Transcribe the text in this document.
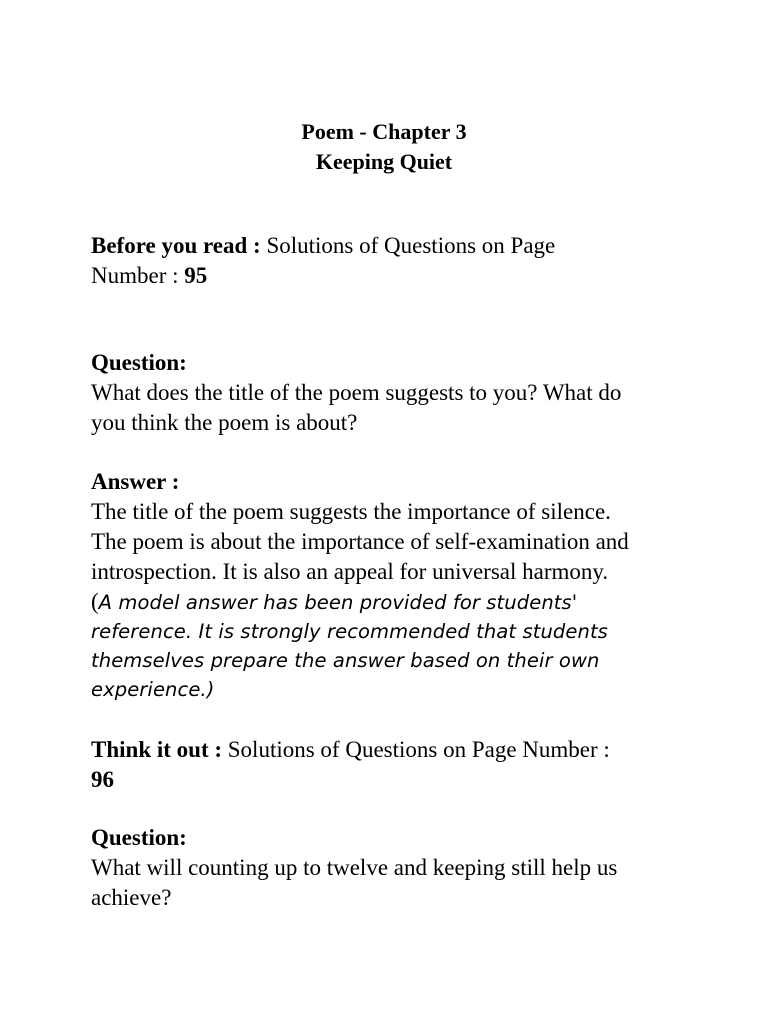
Poem - Chapter 3
Keeping Quiet
Before you read : Solutions of Questions on Page
Number : 95
Question:
What does the title of the poem suggests to you? What do
you think the poem is about?
Answer :
The title of the poem suggests the importance of silence.
The poem is about the importance of self-examination and
introspection. It is also an appeal for universal harmony.
(A model answer has been provided for students'
reference. It is strongly recommended that students
themselves prepare the answer based on their own
experience.)
Think it out : Solutions of Questions on Page Number :
96
Question:
What will counting up to twelve and keeping still help us
achieve?
